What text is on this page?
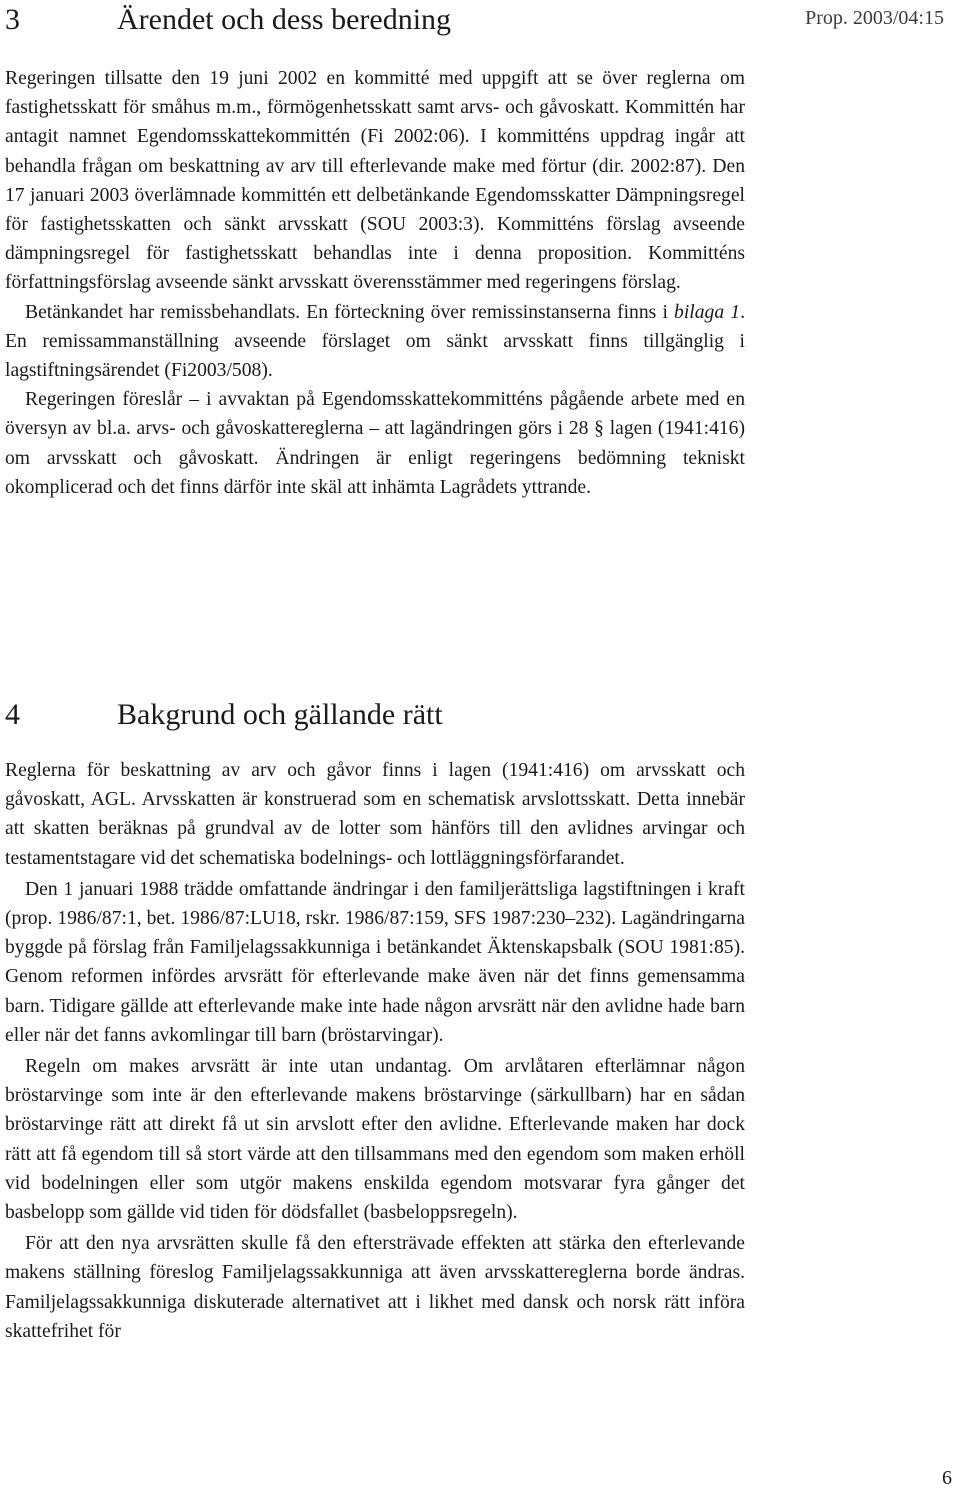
Prop. 2003/04:15
3	Ärendet och dess beredning

Regeringen tillsatte den 19 juni 2002 en kommitté med uppgift att se över reglerna om fastighetsskatt för småhus m.m., förmögenhetsskatt samt arvs- och gåvoskatt. Kommittén har antagit namnet Egendomsskattekommittén (Fi 2002:06). I kommitténs uppdrag ingår att behandla frågan om beskattning av arv till efterlevande make med förtur (dir. 2002:87). Den 17 januari 2003 överlämnade kommittén ett delbetänkande Egendomsskatter Dämpningsregel för fastighetsskatten och sänkt arvsskatt (SOU 2003:3). Kommitténs förslag avseende dämpningsregel för fastighetsskatt behandlas inte i denna proposition. Kommitténs författningsförslag avseende sänkt arvsskatt överensstämmer med regeringens förslag.

Betänkandet har remissbehandlats. En förteckning över remissinstanserna finns i bilaga 1. En remissammanställning avseende förslaget om sänkt arvsskatt finns tillgänglig i lagstiftningsärendet (Fi2003/508).

Regeringen föreslår – i avvaktan på Egendomsskattekommitténs pågående arbete med en översyn av bl.a. arvs- och gåvoskattereglerna – att lagändringen görs i 28 § lagen (1941:416) om arvsskatt och gåvoskatt. Ändringen är enligt regeringens bedömning tekniskt okomplicerad och det finns därför inte skäl att inhämta Lagrådets yttrande.

4	Bakgrund och gällande rätt

Reglerna för beskattning av arv och gåvor finns i lagen (1941:416) om arvsskatt och gåvoskatt, AGL. Arvsskatten är konstruerad som en schematisk arvslottsskatt. Detta innebär att skatten beräknas på grundval av de lotter som hänförs till den avlidnes arvingar och testamentstagare vid det schematiska bodelnings- och lottläggningsförfarandet.

Den 1 januari 1988 trädde omfattande ändringar i den familjerättsliga lagstiftningen i kraft (prop. 1986/87:1, bet. 1986/87:LU18, rskr. 1986/87:159, SFS 1987:230–232). Lagändringarna byggde på förslag från Familjelagssakkunniga i betänkandet Äktenskapsbalk (SOU 1981:85). Genom reformen infördes arvsrätt för efterlevande make även när det finns gemensamma barn. Tidigare gällde att efterlevande make inte hade någon arvsrätt när den avlidne hade barn eller när det fanns avkomlingar till barn (bröstarvingar).

Regeln om makes arvsrätt är inte utan undantag. Om arvlåtaren efterlämnar någon bröstarvinge som inte är den efterlevande makens bröstarvinge (särkullbarn) har en sådan bröstarvinge rätt att direkt få ut sin arvslott efter den avlidne. Efterlevande maken har dock rätt att få egendom till så stort värde att den tillsammans med den egendom som maken erhöll vid bodelningen eller som utgör makens enskilda egendom motsvarar fyra gånger det basbelopp som gällde vid tiden för dödsfallet (basbeloppsregeln).

För att den nya arvsrätten skulle få den eftersträvade effekten att stärka den efterlevande makens ställning föreslog Familjelagssakkunniga att även arvsskattereglerna borde ändras. Familjelagssakkunniga diskuterade alternativet att i likhet med dansk och norsk rätt införa skattefrihet för

6
